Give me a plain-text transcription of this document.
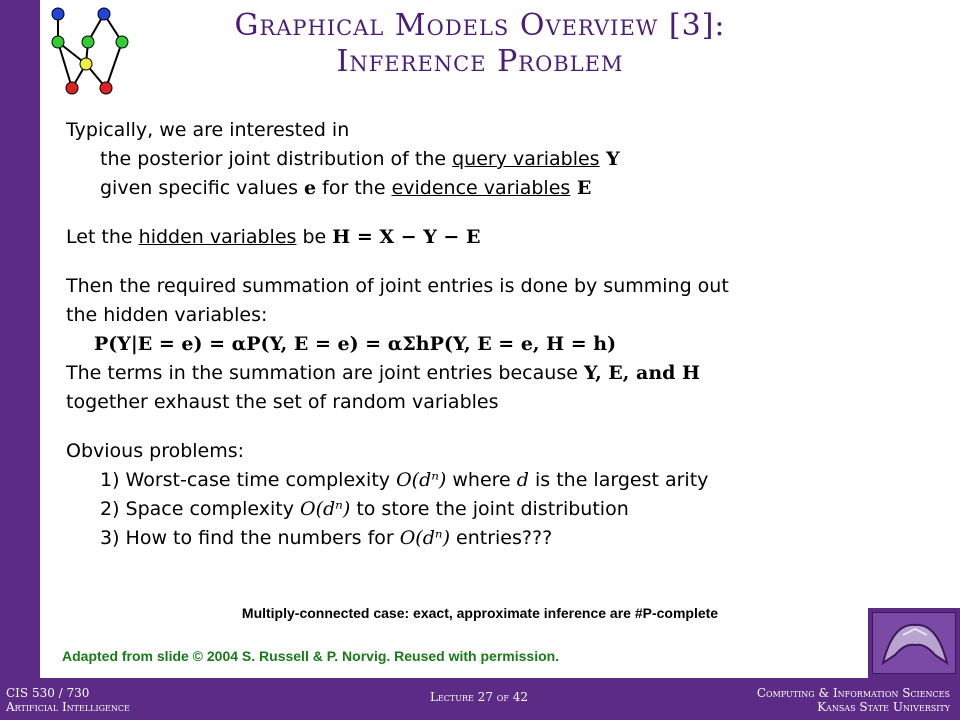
Graphical Models Overview [3]:
Inference Problem

Typically, we are interested in

the posterior joint distribution of the query variables Y

given specific values e for the evidence variables E

Let the hidden variables be H = X − Y − E

Then the required summation of joint entries is done by summing out

the hidden variables:

P(Y|E = e) = αP(Y, E = e) = αΣhP(Y, E = e, H = h)

The terms in the summation are joint entries because Y, E, and H

together exhaust the set of random variables

Obvious problems:

1) Worst-case time complexity O(dⁿ) where d is the largest arity

2) Space complexity O(dⁿ) to store the joint distribution

3) How to find the numbers for O(dⁿ) entries???

Multiply-connected case: exact, approximate inference are #P-complete
Adapted from slide © 2004 S. Russell & P. Norvig. Reused with permission.
CIS 530 / 730
Artificial Intelligence
Lecture 27 of 42	Computing & Information Sciences
Kansas State University
